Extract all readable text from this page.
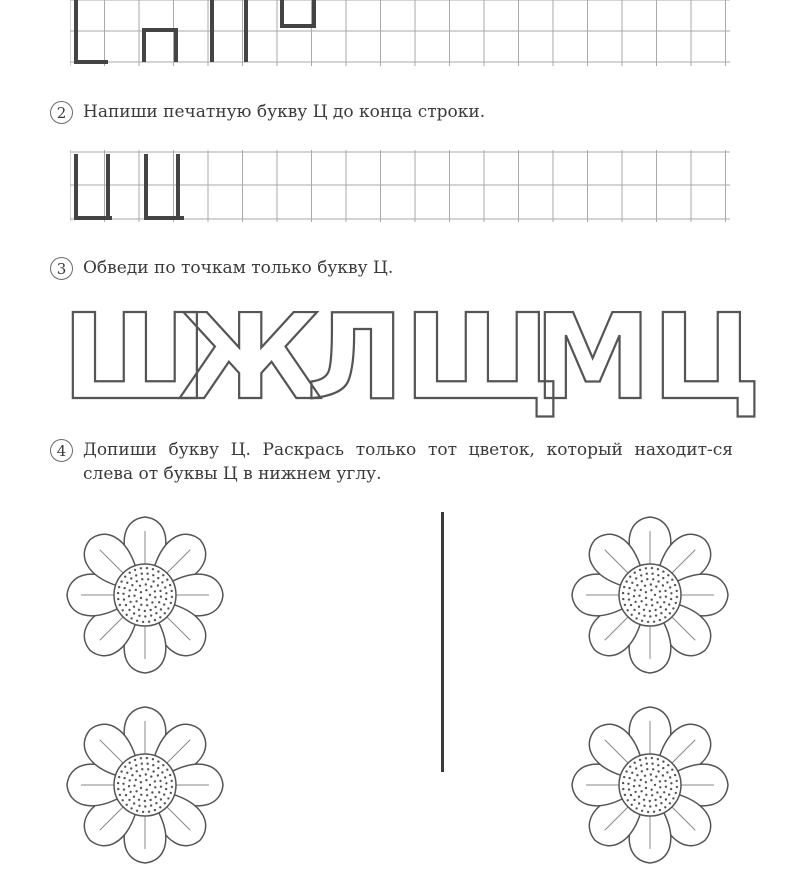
2 Напиши печатную букву Ц до конца строки.
3 Обведи по точкам только букву Ц.
Ш
Ж
Л Щ
М Ц
4 Допиши букву Ц. Раскрась только тот цветок, который находит-ся слева от буквы Ц в нижнем углу.
